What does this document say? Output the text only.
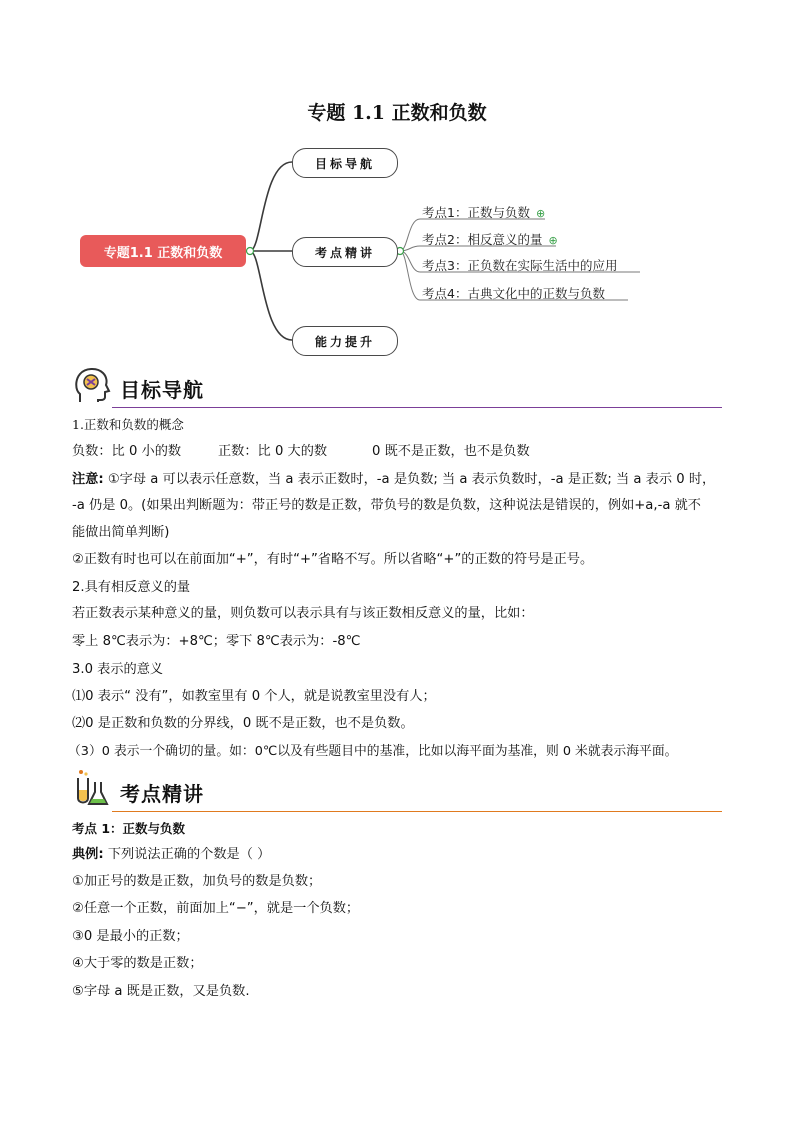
专题 1.1 正数和负数
专题1.1 正数和负数
目标导航
考点精讲
能力提升
考点1：正数与负数 ⊕
考点2：相反意义的量 ⊕
考点3：正负数在实际生活中的应用
考点4：古典文化中的正数与负数
目标导航
1.正数和负数的概念
负数：比 0 小的数	正数：比 0 大的数	0 既不是正数，也不是负数
注意: ①字母 a 可以表示任意数，当 a 表示正数时，-a 是负数; 当 a 表示负数时，-a 是正数; 当 a 表示 0 时，
-a 仍是 0。(如果出判断题为：带正号的数是正数，带负号的数是负数，这种说法是错误的，例如+a,-a 就不
能做出简单判断)
②正数有时也可以在前面加“+”，有时“+”省略不写。所以省略“+”的正数的符号是正号。
2.具有相反意义的量
若正数表示某种意义的量，则负数可以表示具有与该正数相反意义的量，比如：
零上 8℃表示为：+8℃；零下 8℃表示为：-8℃
3.0 表示的意义
⑴0 表示“ 没有”，如教室里有 0 个人，就是说教室里没有人；
⑵0 是正数和负数的分界线，0 既不是正数，也不是负数。
（3）0 表示一个确切的量。如：0℃以及有些题目中的基准，比如以海平面为基准，则 0 米就表示海平面。
考点精讲
考点 1：正数与负数
典例: 下列说法正确的个数是（ ）
①加正号的数是正数，加负号的数是负数；
②任意一个正数，前面加上“−”，就是一个负数；
③0 是最小的正数；
④大于零的数是正数；
⑤字母 a 既是正数，又是负数.
